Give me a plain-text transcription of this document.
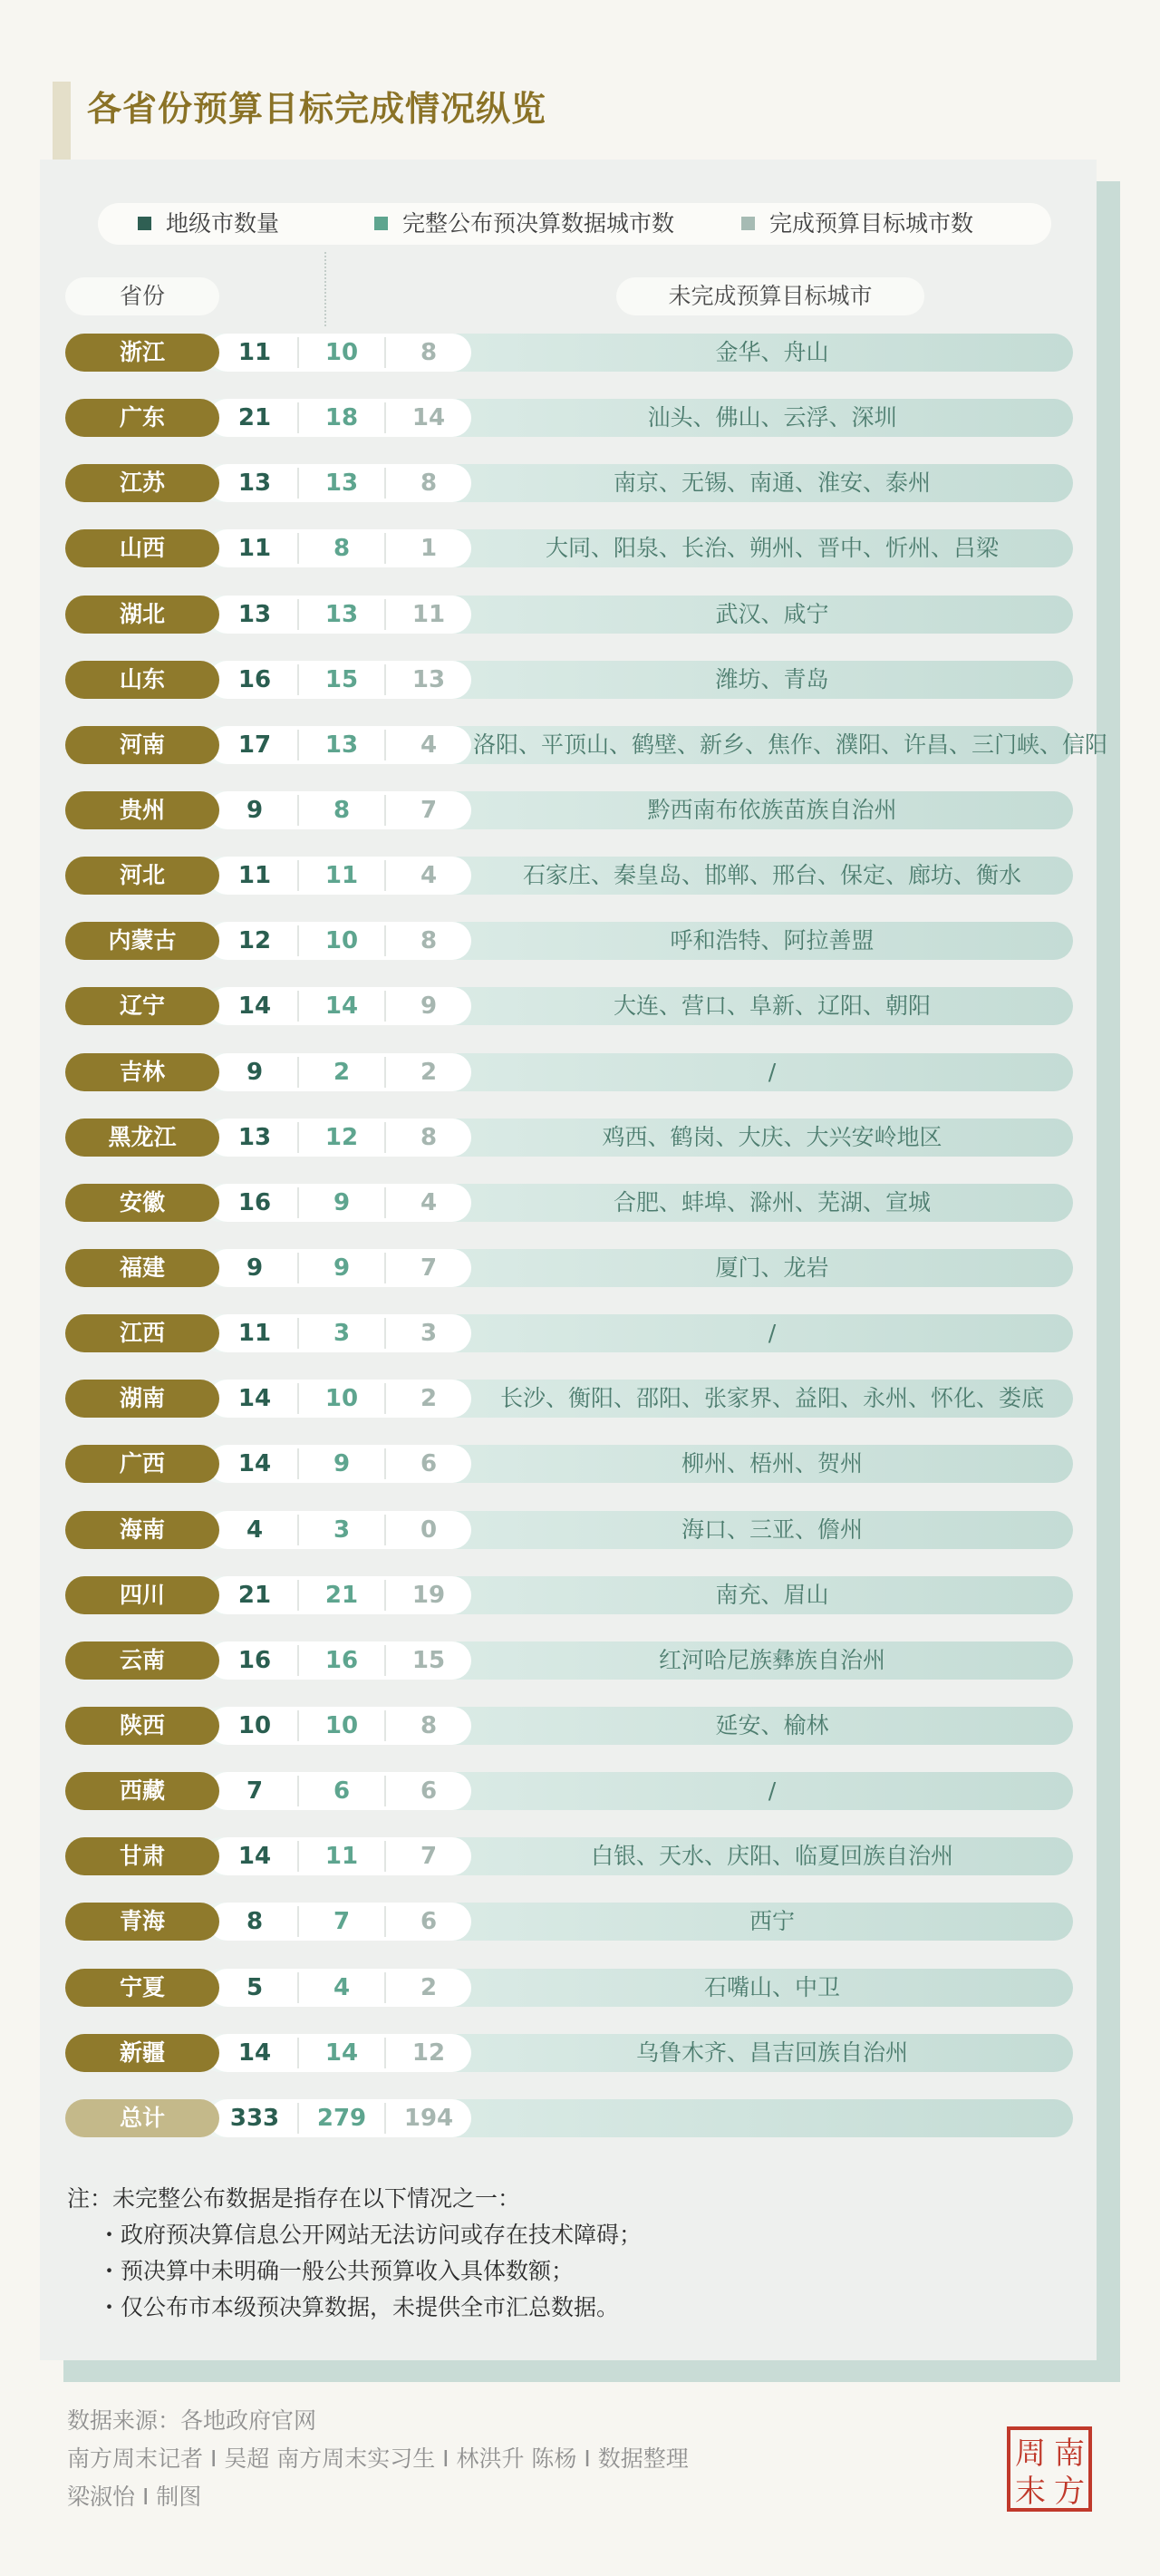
各省份预算目标完成情况纵览
地级市数量	完整公布预决算数据城市数	完成预算目标城市数
省份	未完成预算目标城市
浙江	11	10	8	金华、舟山
广东	21	18	14	汕头、佛山、云浮、深圳
江苏	13	13	8	南京、无锡、南通、淮安、泰州
山西	11	8	1	大同、阳泉、长治、朔州、晋中、忻州、吕梁
湖北	13	13	11	武汉、咸宁
山东	16	15	13	潍坊、青岛
河南	17	13	4	洛阳、平顶山、鹤壁、新乡、焦作、濮阳、许昌、三门峡、信阳
贵州	9	8	7	黔西南布依族苗族自治州
河北	11	11	4	石家庄、秦皇岛、邯郸、邢台、保定、廊坊、衡水
内蒙古	12	10	8	呼和浩特、阿拉善盟
辽宁	14	14	9	大连、营口、阜新、辽阳、朝阳
吉林	9	2	2	/
黑龙江	13	12	8	鸡西、鹤岗、大庆、大兴安岭地区
安徽	16	9	4	合肥、蚌埠、滁州、芜湖、宣城
福建	9	9	7	厦门、龙岩
江西	11	3	3	/
湖南	14	10	2	长沙、衡阳、邵阳、张家界、益阳、永州、怀化、娄底
广西	14	9	6	柳州、梧州、贺州
海南	4	3	0	海口、三亚、儋州
四川	21	21	19	南充、眉山
云南	16	16	15	红河哈尼族彝族自治州
陕西	10	10	8	延安、榆林
西藏	7	6	6	/
甘肃	14	11	7	白银、天水、庆阳、临夏回族自治州
青海	8	7	6	西宁
宁夏	5	4	2	石嘴山、中卫
新疆	14	14	12	乌鲁木齐、昌吉回族自治州
总计	333	279	194
注：未完整公布数据是指存在以下情况之一：
・政府预决算信息公开网站无法访问或存在技术障碍；
・预决算中未明确一般公共预算收入具体数额；
・仅公布市本级预决算数据，未提供全市汇总数据。
数据来源：各地政府官网
南方周末记者 I 吴超 南方周末实习生 I 林洪升 陈杨 I 数据整理
梁淑怡 I 制图
南
方
周
末
